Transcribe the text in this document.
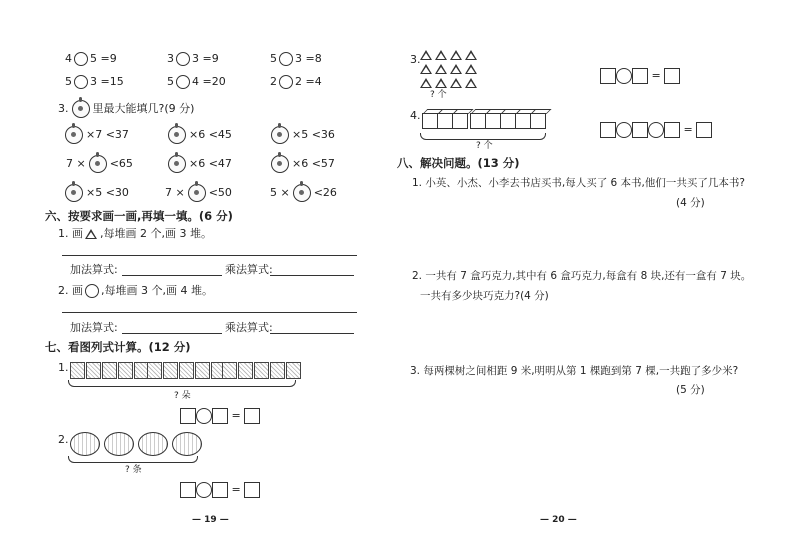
4 5 =9	3 3 =9	5 3 =8
5 3 =15	5 4 =20	2 2 =4
3. 里最大能填几?(9 分)
×7 <37	×6 <45	×5 <36
7 × <65	×6 <47	×6 <57
×5 <30	7 × <50	5 × <26
六、按要求画一画,再填一填。(6 分)
1. 画 ,每堆画 2 个,画 3 堆。
加法算式:	乘法算式:
2. 画 ,每堆画 3 个,画 4 堆。
加法算式:	乘法算式:
七、看图列式计算。(12 分)
1.
? 朵
=
2.
? 条
=
— 19 —
3.
? 个
=
4.
? 个
=
八、解决问题。(13 分)
1. 小英、小杰、小李去书店买书,每人买了 6 本书,他们一共买了几本书?
(4 分)
2. 一共有 7 盒巧克力,其中有 6 盒巧克力,每盒有 8 块,还有一盒有 7 块。
一共有多少块巧克力?(4 分)
3. 每两棵树之间相距 9 米,明明从第 1 棵跑到第 7 棵,一共跑了多少米?
(5 分)
— 20 —
